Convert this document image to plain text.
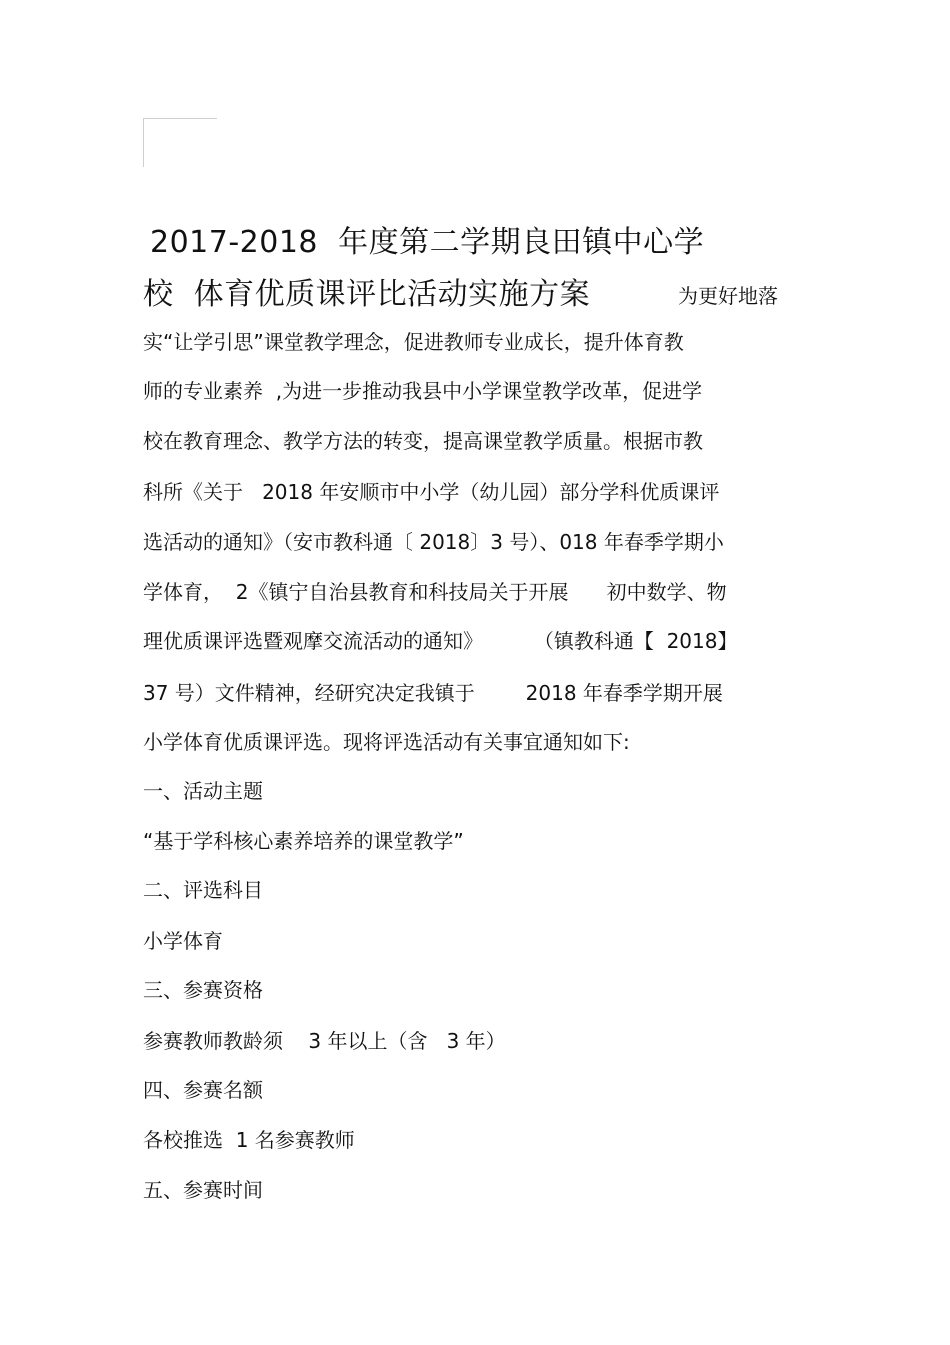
2017-2018  年度第二学期良田镇中心学
校  体育优质课评比活动实施方案	为更好地落
实“让学引思”课堂教学理念，促进教师专业成长，提升体育教
师的专业素养  ,为进一步推动我县中小学课堂教学改革，促进学
校在教育理念、教学方法的转变，提高课堂教学质量。根据市教
科所《关于   2018 年安顺市中小学（幼儿园）部分学科优质课评
选活动的通知》（安市教科通〔 2018〕3 号）、018 年春季学期小
学体育，  2《镇宁自治县教育和科技局关于开展      初中数学、物
理优质课评选暨观摩交流活动的通知》        （镇教科通【  2018】
37 号）文件精神，经研究决定我镇于        2018 年春季学期开展
小学体育优质课评选。现将评选活动有关事宜通知如下:
一、活动主题
“基于学科核心素养培养的课堂教学”
二、评选科目
小学体育
三、参赛资格
参赛教师教龄须    3 年以上（含   3 年）
四、参赛名额
各校推选  1 名参赛教师
五、参赛时间
